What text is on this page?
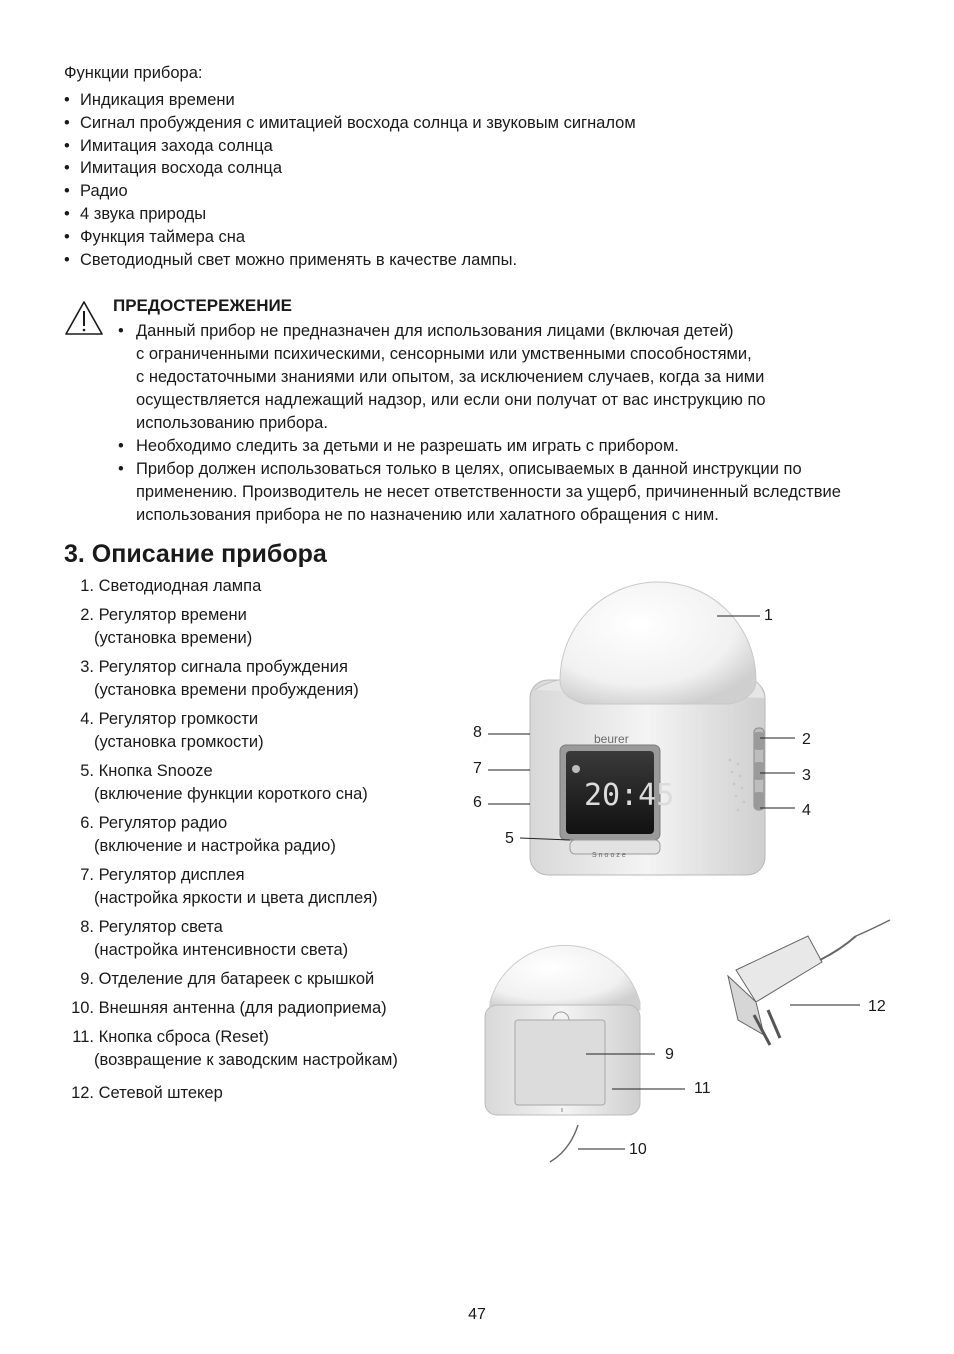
Функции прибора:
• Индикация времени
• Сигнал пробуждения с имитацией восхода солнца и звуковым сигналом
• Имитация захода солнца
• Имитация восхода солнца
• Радио
• 4 звука природы
• Функция таймера сна
• Светодиодный свет можно применять в качестве лампы.
ПРЕДОСТЕРЕЖЕНИЕ
• Данный прибор не предназначен для использования лицами (включая детей)
с ограниченными психическими, сенсорными или умственными способностями,
с недостаточными знаниями или опытом, за исключением случаев, когда за ними
осуществляется надлежащий надзор, или если они получат от вас инструкцию по
использованию прибора.
• Необходимо следить за детьми и не разрешать им играть с прибором.
• Прибор должен использоваться только в целях, описываемых в данной инструкции по
применению. Производитель не несет ответственности за ущерб, причиненный вследствие
использования прибора не по назначению или халатного обращения с ним.
3. Описание прибора
1. Светодиодная лампа
2. Регулятор времени
(установка времени)
3. Регулятор сигнала пробуждения
(установка времени пробуждения)
4. Регулятор громкости
(установка громкости)
5. Кнопка Snooze
(включение функции короткого сна)
6. Регулятор радио
(включение и настройка радио)
7. Регулятор дисплея
(настройка яркости и цвета дисплея)
8. Регулятор света
(настройка интенсивности света)
9. Отделение для батареек с крышкой
10. Внешняя антенна (для радиоприема)
11. Кнопка сброса (Reset)
(возвращение к заводским настройкам)
12. Сетевой штекер
20:45
beurer
Snooze
1
2
3
4
5
6
7
8
9
10
11
12
47
